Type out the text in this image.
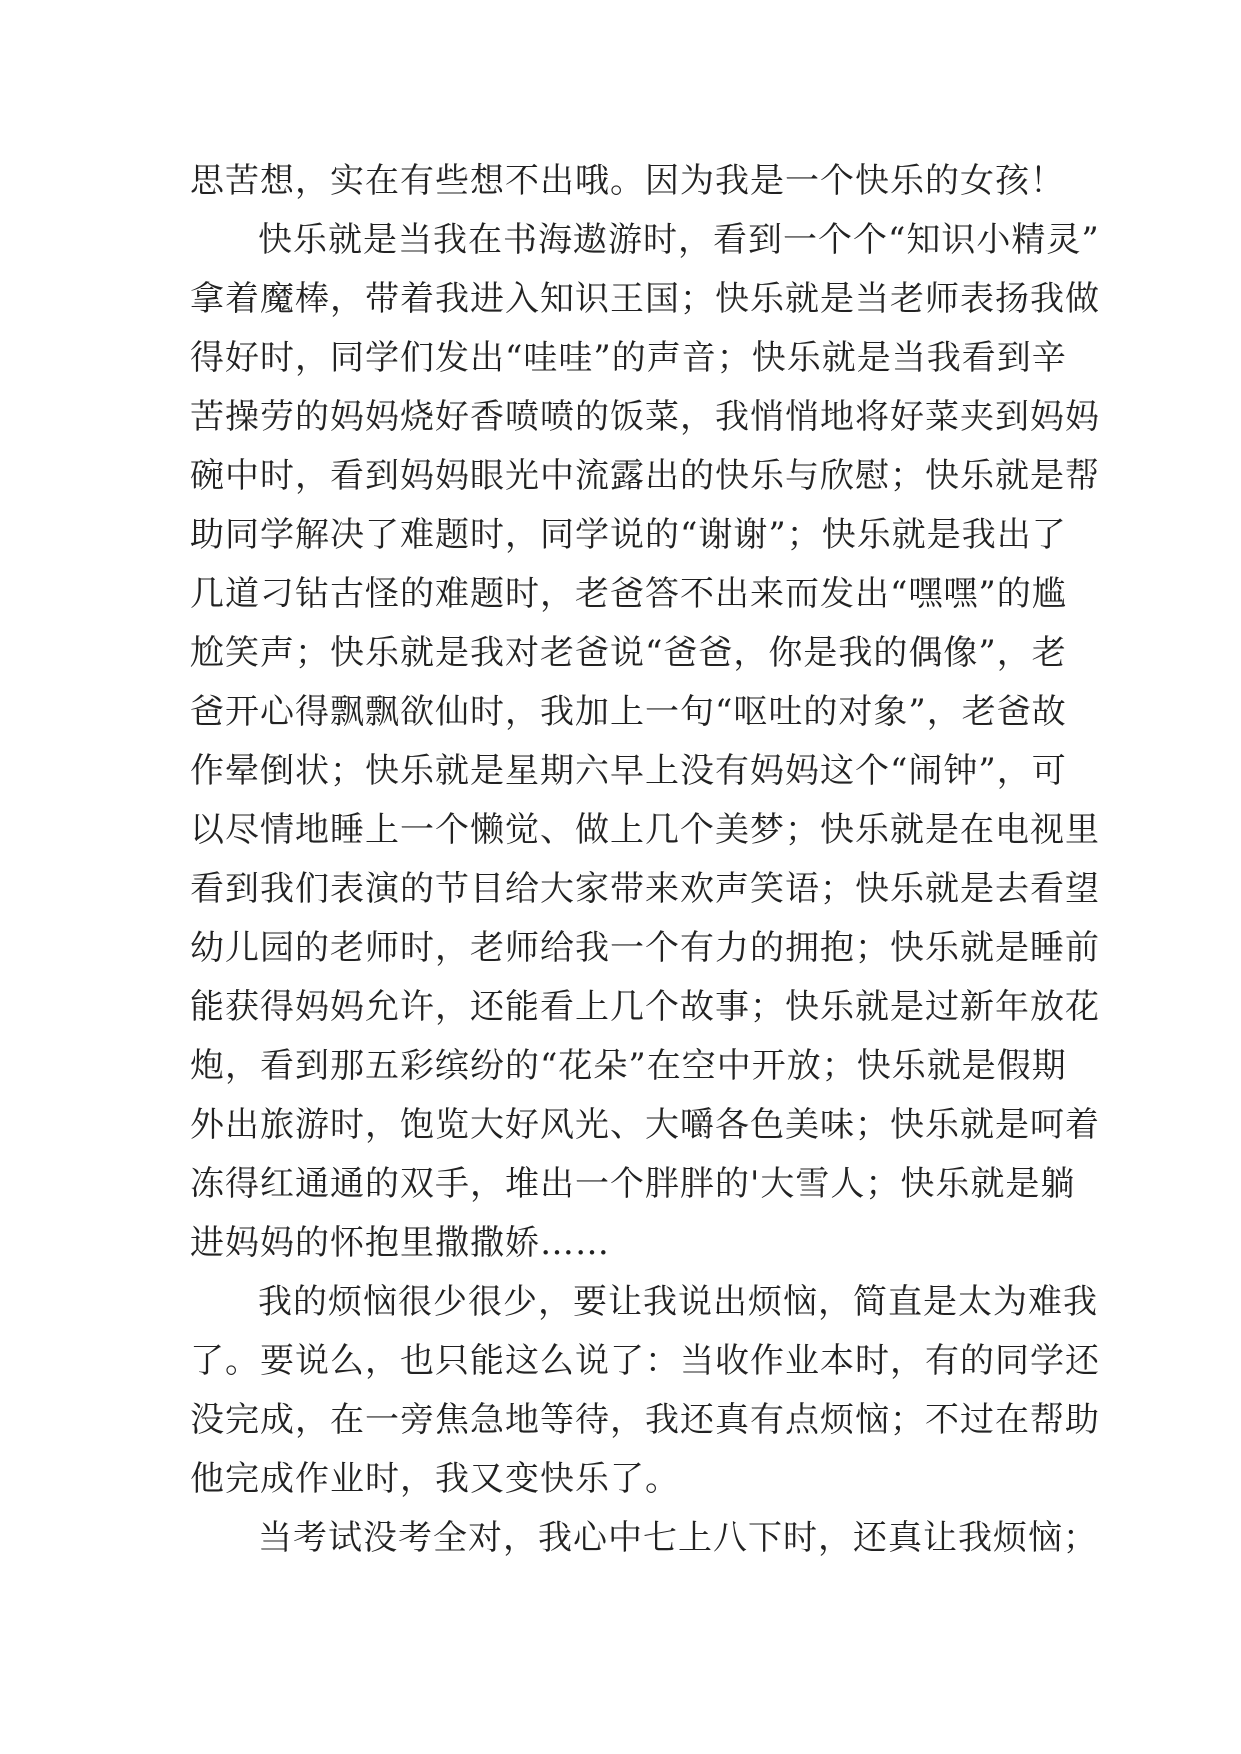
思苦想，实在有些想不出哦。因为我是一个快乐的女孩！
快乐就是当我在书海遨游时，看到一个个“知识小精灵”
拿着魔棒，带着我进入知识王国；快乐就是当老师表扬我做
得好时，同学们发出“哇哇”的声音；快乐就是当我看到辛
苦操劳的妈妈烧好香喷喷的饭菜，我悄悄地将好菜夹到妈妈
碗中时，看到妈妈眼光中流露出的快乐与欣慰；快乐就是帮
助同学解决了难题时，同学说的“谢谢”；快乐就是我出了
几道刁钻古怪的难题时，老爸答不出来而发出“嘿嘿”的尴
尬笑声；快乐就是我对老爸说“爸爸，你是我的偶像”，老
爸开心得飘飘欲仙时，我加上一句“呕吐的对象”，老爸故
作晕倒状；快乐就是星期六早上没有妈妈这个“闹钟”，可
以尽情地睡上一个懒觉、做上几个美梦；快乐就是在电视里
看到我们表演的节目给大家带来欢声笑语；快乐就是去看望
幼儿园的老师时，老师给我一个有力的拥抱；快乐就是睡前
能获得妈妈允许，还能看上几个故事；快乐就是过新年放花
炮，看到那五彩缤纷的“花朵”在空中开放；快乐就是假期
外出旅游时，饱览大好风光、大嚼各色美味；快乐就是呵着
冻得红通通的双手，堆出一个胖胖的'大雪人；快乐就是躺
进妈妈的怀抱里撒撒娇……
我的烦恼很少很少，要让我说出烦恼，简直是太为难我
了。要说么，也只能这么说了：当收作业本时，有的同学还
没完成，在一旁焦急地等待，我还真有点烦恼；不过在帮助
他完成作业时，我又变快乐了。
当考试没考全对，我心中七上八下时，还真让我烦恼；
